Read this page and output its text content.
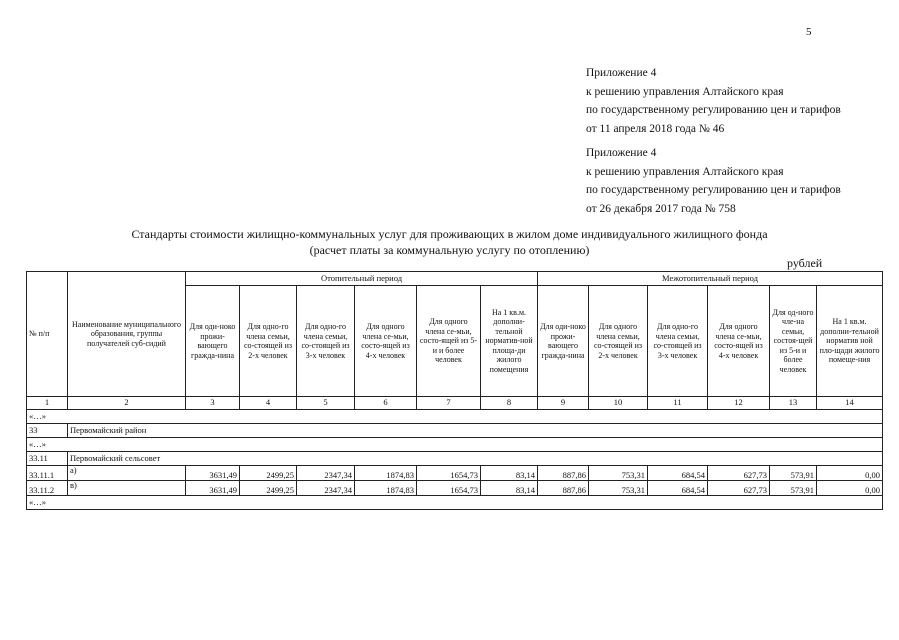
5
Приложение 4
к решению управления Алтайского края
по государственному регулированию цен и тарифов
от 11 апреля 2018 года № 46
Приложение 4
к решению управления Алтайского края
по государственному регулированию цен и тарифов
от 26 декабря 2017 года № 758
Стандарты стоимости жилищно-коммунальных услуг для проживающих в жилом доме индивидуального жилищного фонда
(расчет платы за коммунальную услугу по отоплению)
рублей
№ п/п	Наименование муниципального образования, группы получателей суб-сидий	Отопительный период						Межотопительный период					
		Для оди-ноко прожи-вающего гражда-нина	Для одно-го члена семьи, со-стоящей из 2-х человек	Для одно-го члена семьи, со-стоящей из 3-х человек	Для одного члена се-мьи, состо-ящей из 4-х человек	Для одного члена се-мьи, состо-ящей из 5-и и более человек	На 1 кв.м. дополни-тельной норматив-ной площа-ди жилого помещения	Для оди-ноко прожи-вающего гражда-нина	Для одного члена семьи, со-стоящей из 2-х человек	Для одно-го члена семьи, со-стоящей из 3-х человек	Для одного члена се-мьи, состо-ящей из 4-х человек	Для од-ного чле-на семьи, состоя-щей из 5-и и более человек	На 1 кв.м. дополни-тельной норматив ной пло-щади жилого помеще-ния
1	2	3	4	5	6	7	8	9	10	11	12	13	14
«…»													
33	Первомайский район												
«…»													
33.11	Первомайский сельсовет												
33.11.1	а)	3631,49	2499,25	2347,34	1874,83	1654,73	83,14	887,86	753,31	684,54	627,73	573,91	0,00
33.11.2	в)	3631,49	2499,25	2347,34	1874,83	1654,73	83,14	887,86	753,31	684,54	627,73	573,91	0,00
«…»													
